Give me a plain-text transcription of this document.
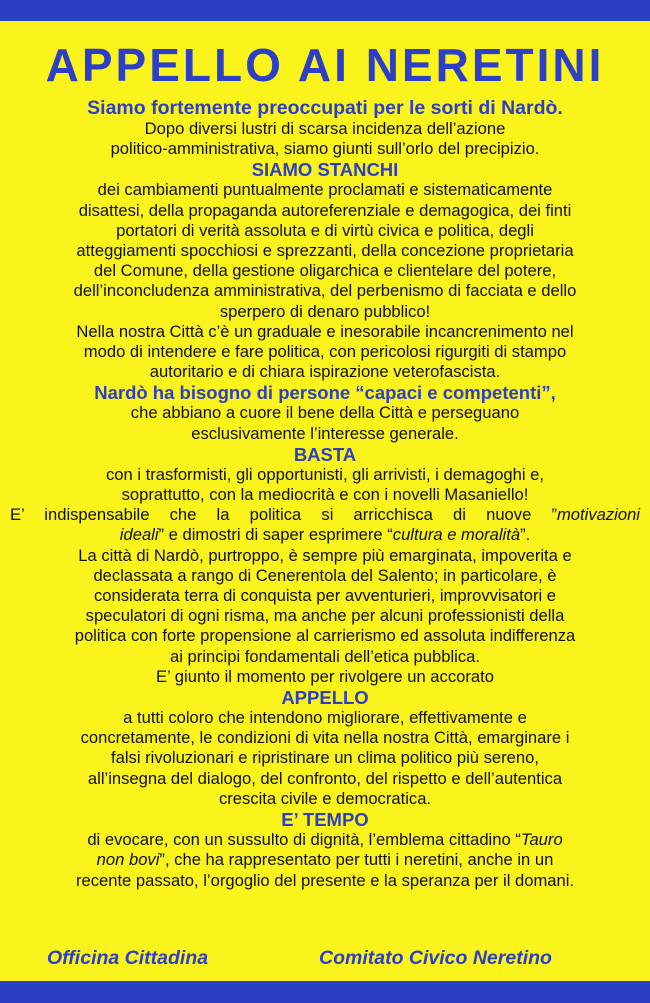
APPELLO AI NERETINI
Siamo fortemente preoccupati per le sorti di Nardò.
Dopo diversi lustri di scarsa incidenza dell’azione
politico-amministrativa, siamo giunti sull’orlo del precipizio.
SIAMO STANCHI
dei cambiamenti puntualmente proclamati e sistematicamente
disattesi, della propaganda autoreferenziale e demagogica, dei finti
portatori di verità assoluta e di virtù civica e politica, degli
atteggiamenti spocchiosi e sprezzanti, della concezione proprietaria
del Comune, della gestione oligarchica e clientelare del potere,
dell’inconcludenza amministrativa, del perbenismo di facciata e dello
sperpero di denaro pubblico!
Nella nostra Città c’è un graduale e inesorabile incancrenimento nel
modo di intendere e fare politica, con pericolosi rigurgiti di stampo
autoritario e di chiara ispirazione veterofascista.
Nardò ha bisogno di persone “capaci e competenti”,
che abbiano a cuore il bene della Città e perseguano
esclusivamente l’interesse generale.
BASTA
con i trasformisti, gli opportunisti, gli arrivisti, i demagoghi e,
soprattutto, con la mediocrità e con i novelli Masaniello!
E’ indispensabile che la politica si arricchisca di nuove ”motivazioni
ideali” e dimostri di saper esprimere “cultura e moralità”.
La città di Nardò, purtroppo, è sempre più emarginata, impoverita e
declassata a rango di Cenerentola del Salento; in particolare, è
considerata terra di conquista per avventurieri, improvvisatori e
speculatori di ogni risma, ma anche per alcuni professionisti della
politica con forte propensione al carrierismo ed assoluta indifferenza
ai principi fondamentali dell’etica pubblica.
E’ giunto il momento per rivolgere un accorato
APPELLO
a tutti coloro che intendono migliorare, effettivamente e
concretamente, le condizioni di vita nella nostra Città, emarginare i
falsi rivoluzionari e ripristinare un clima politico più sereno,
all’insegna del dialogo, del confronto, del rispetto e dell’autentica
crescita civile e democratica.
E’ TEMPO
di evocare, con un sussulto di dignità, l’emblema cittadino “Tauro
non bovi”, che ha rappresentato per tutti i neretini, anche in un
recente passato, l’orgoglio del presente e la speranza per il domani.
Officina Cittadina	Comitato Civico Neretino
